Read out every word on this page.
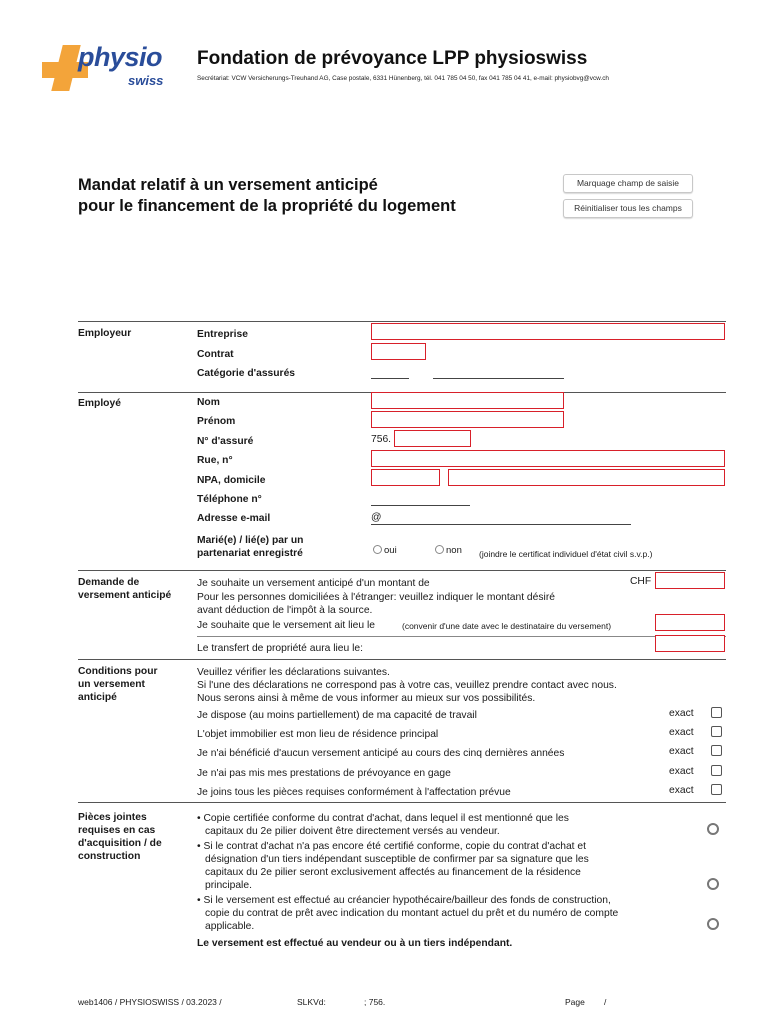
physio
swiss
Fondation de prévoyance LPP physioswiss
Secrétariat: VCW Versicherungs-Treuhand AG, Case postale, 6331 Hünenberg, tél. 041 785 04 50, fax 041 785 04 41, e-mail: physiobvg@vcw.ch
Mandat relatif à un versement anticipé
pour le financement de la propriété du logement
Marquage champ de saisie
Réinitialiser tous les champs
Employeur	Entreprise
Contrat
Catégorie d'assurés
Employé	Nom
Prénom
N° d'assuré	756.
Rue, n°
NPA, domicile
Téléphone n°
Adresse e-mail	@
Marié(e) / lié(e) par un
partenariat enregistré	oui	non (joindre le certificat individuel d'état civil s.v.p.)
Demande de
versement anticipé
Je souhaite un versement anticipé d'un montant de	CHF
Pour les personnes domiciliées à l'étranger: veuillez indiquer le montant désiré
avant déduction de l'impôt à la source.
Je souhaite que le versement ait lieu le	(convenir d'une date avec le destinataire du versement)
Le transfert de propriété aura lieu le:
Conditions pour
un versement
anticipé
Veuillez vérifier les déclarations suivantes.
Si l'une des déclarations ne correspond pas à votre cas, veuillez prendre contact avec nous.
Nous serons ainsi à même de vous informer au mieux sur vos possibilités.
Je dispose (au moins partiellement) de ma capacité de travail	exact
L'objet immobilier est mon lieu de résidence principal	exact
Je n'ai bénéficié d'aucun versement anticipé au cours des cinq dernières années	exact
Je n'ai pas mis mes prestations de prévoyance en gage	exact
Je joins tous les pièces requises conformément à l'affectation prévue	exact
Pièces jointes
requises en cas
d'acquisition / de
construction
• Copie certifiée conforme du contrat d'achat, dans lequel il est mentionné que les
capitaux du 2e pilier doivent être directement versés au vendeur.
• Si le contrat d'achat n'a pas encore été certifié conforme, copie du contrat d'achat et
désignation d'un tiers indépendant susceptible de confirmer par sa signature que les
capitaux du 2e pilier seront exclusivement affectés au financement de la résidence
principale.
• Si le versement est effectué au créancier hypothécaire/bailleur des fonds de construction,
copie du contrat de prêt avec indication du montant actuel du prêt et du numéro de compte
applicable.
Le versement est effectué au vendeur ou à un tiers indépendant.
web1406 / PHYSIOSWISS / 03.2023 /	SLKVd:	; 756.	Page /
